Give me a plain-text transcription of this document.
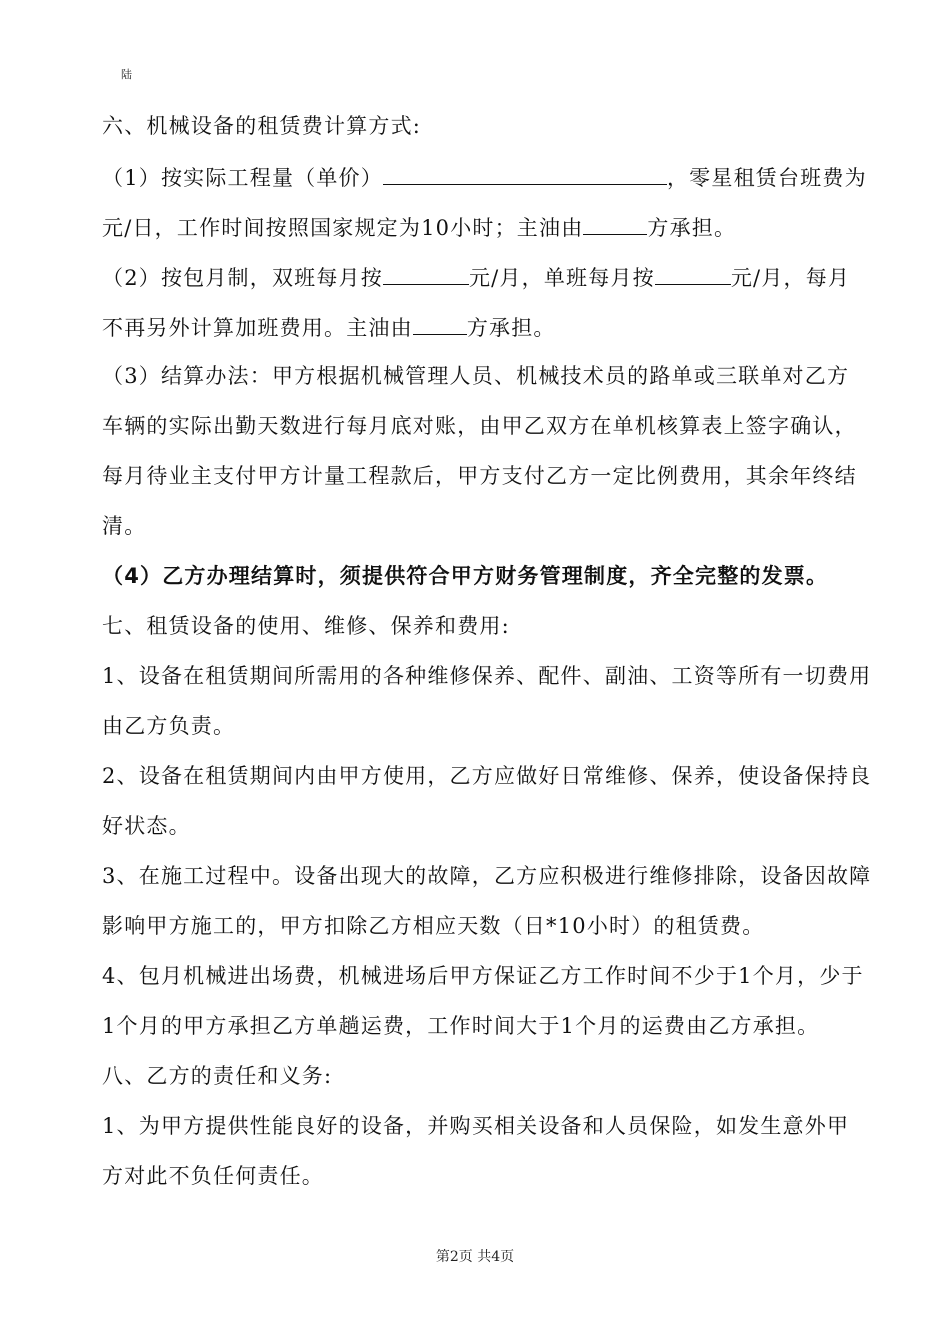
陆
六、机械设备的租赁费计算方式:
（1）按实际工程量（单价）	，零星租赁台班费为
元/日，工作时间按照国家规定为10小时；主油由	方承担。
（2）按包月制，双班每月按	元/月，单班每月按	元/月，每月
不再另外计算加班费用。主油由	方承担。
（3）结算办法：甲方根据机械管理人员、机械技术员的路单或三联单对乙方
车辆的实际出勤天数进行每月底对账，由甲乙双方在单机核算表上签字确认，
每月待业主支付甲方计量工程款后，甲方支付乙方一定比例费用，其余年终结
清。
（4）乙方办理结算时，须提供符合甲方财务管理制度，齐全完整的发票。
七、租赁设备的使用、维修、保养和费用:
1、设备在租赁期间所需用的各种维修保养、配件、副油、工资等所有一切费用
由乙方负责。
2、设备在租赁期间内由甲方使用，乙方应做好日常维修、保养，使设备保持良
好状态。
3、在施工过程中。设备出现大的故障，乙方应积极进行维修排除，设备因故障
影响甲方施工的，甲方扣除乙方相应天数（日*10小时）的租赁费。
4、包月机械进出场费，机械进场后甲方保证乙方工作时间不少于1个月，少于
1个月的甲方承担乙方单趟运费，工作时间大于1个月的运费由乙方承担。
八、乙方的责任和义务:
1、为甲方提供性能良好的设备，并购买相关设备和人员保险，如发生意外甲
方对此不负任何责任。
第2页 共4页
